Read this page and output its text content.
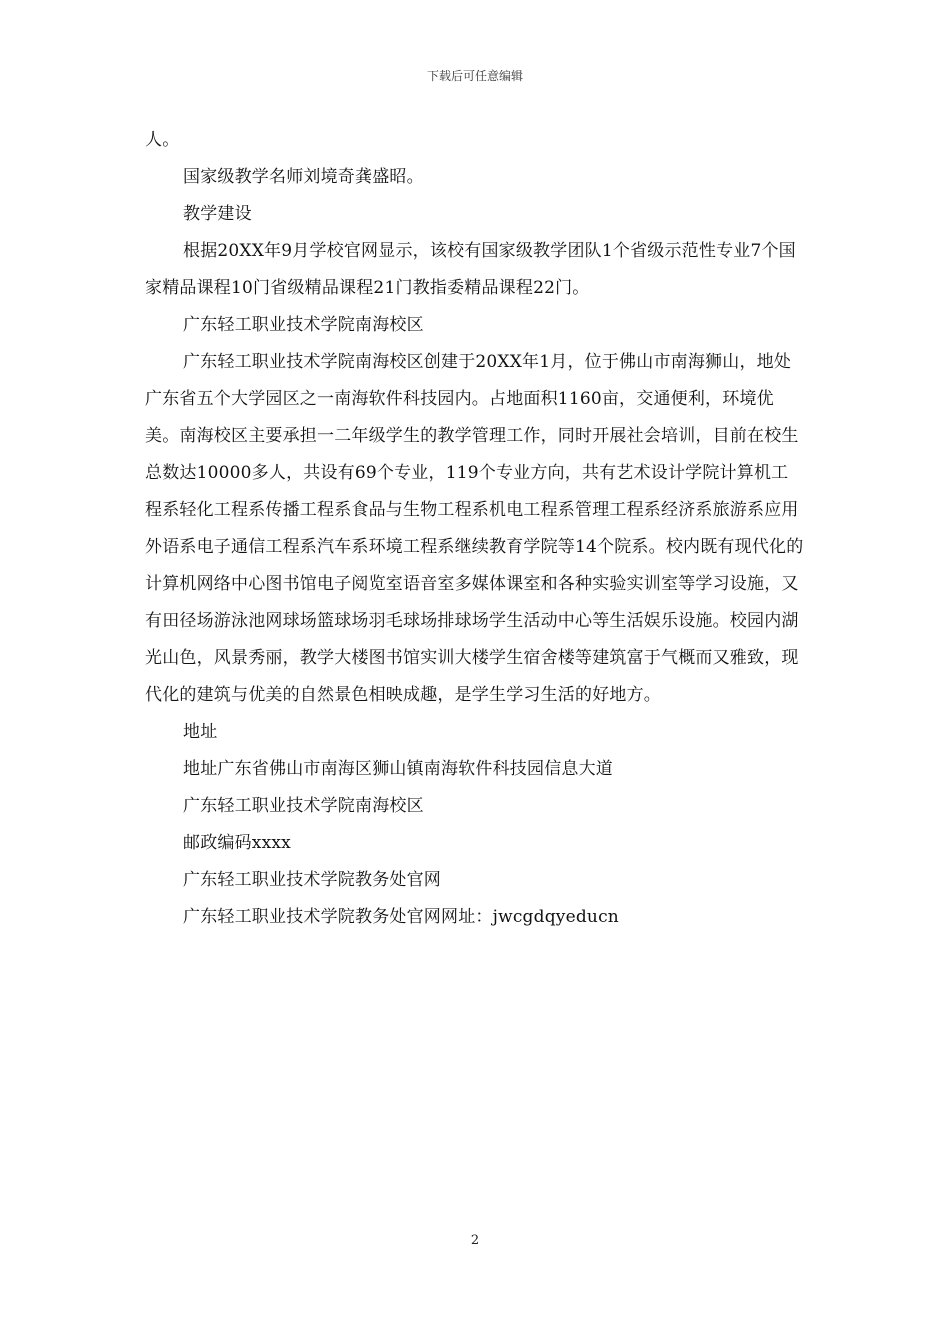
下载后可任意编辑

人。

国家级教学名师刘境奇龚盛昭。

教学建设

根据20XX年9月学校官网显示，该校有国家级教学团队1个省级示范性专业7个国家精品课程10门省级精品课程21门教指委精品课程22门。

广东轻工职业技术学院南海校区

广东轻工职业技术学院南海校区创建于20XX年1月，位于佛山市南海狮山，地处广东省五个大学园区之一南海软件科技园内。占地面积1160亩，交通便利，环境优美。南海校区主要承担一二年级学生的教学管理工作，同时开展社会培训，目前在校生总数达10000多人，共设有69个专业，119个专业方向，共有艺术设计学院计算机工程系轻化工程系传播工程系食品与生物工程系机电工程系管理工程系经济系旅游系应用外语系电子通信工程系汽车系环境工程系继续教育学院等14个院系。校内既有现代化的计算机网络中心图书馆电子阅览室语音室多媒体课室和各种实验实训室等学习设施，又有田径场游泳池网球场篮球场羽毛球场排球场学生活动中心等生活娱乐设施。校园内湖光山色，风景秀丽，教学大楼图书馆实训大楼学生宿舍楼等建筑富于气概而又雅致，现代化的建筑与优美的自然景色相映成趣，是学生学习生活的好地方。

地址

地址广东省佛山市南海区狮山镇南海软件科技园信息大道

广东轻工职业技术学院南海校区

邮政编码xxxx

广东轻工职业技术学院教务处官网

广东轻工职业技术学院教务处官网网址：jwcgdqyeducn

2
